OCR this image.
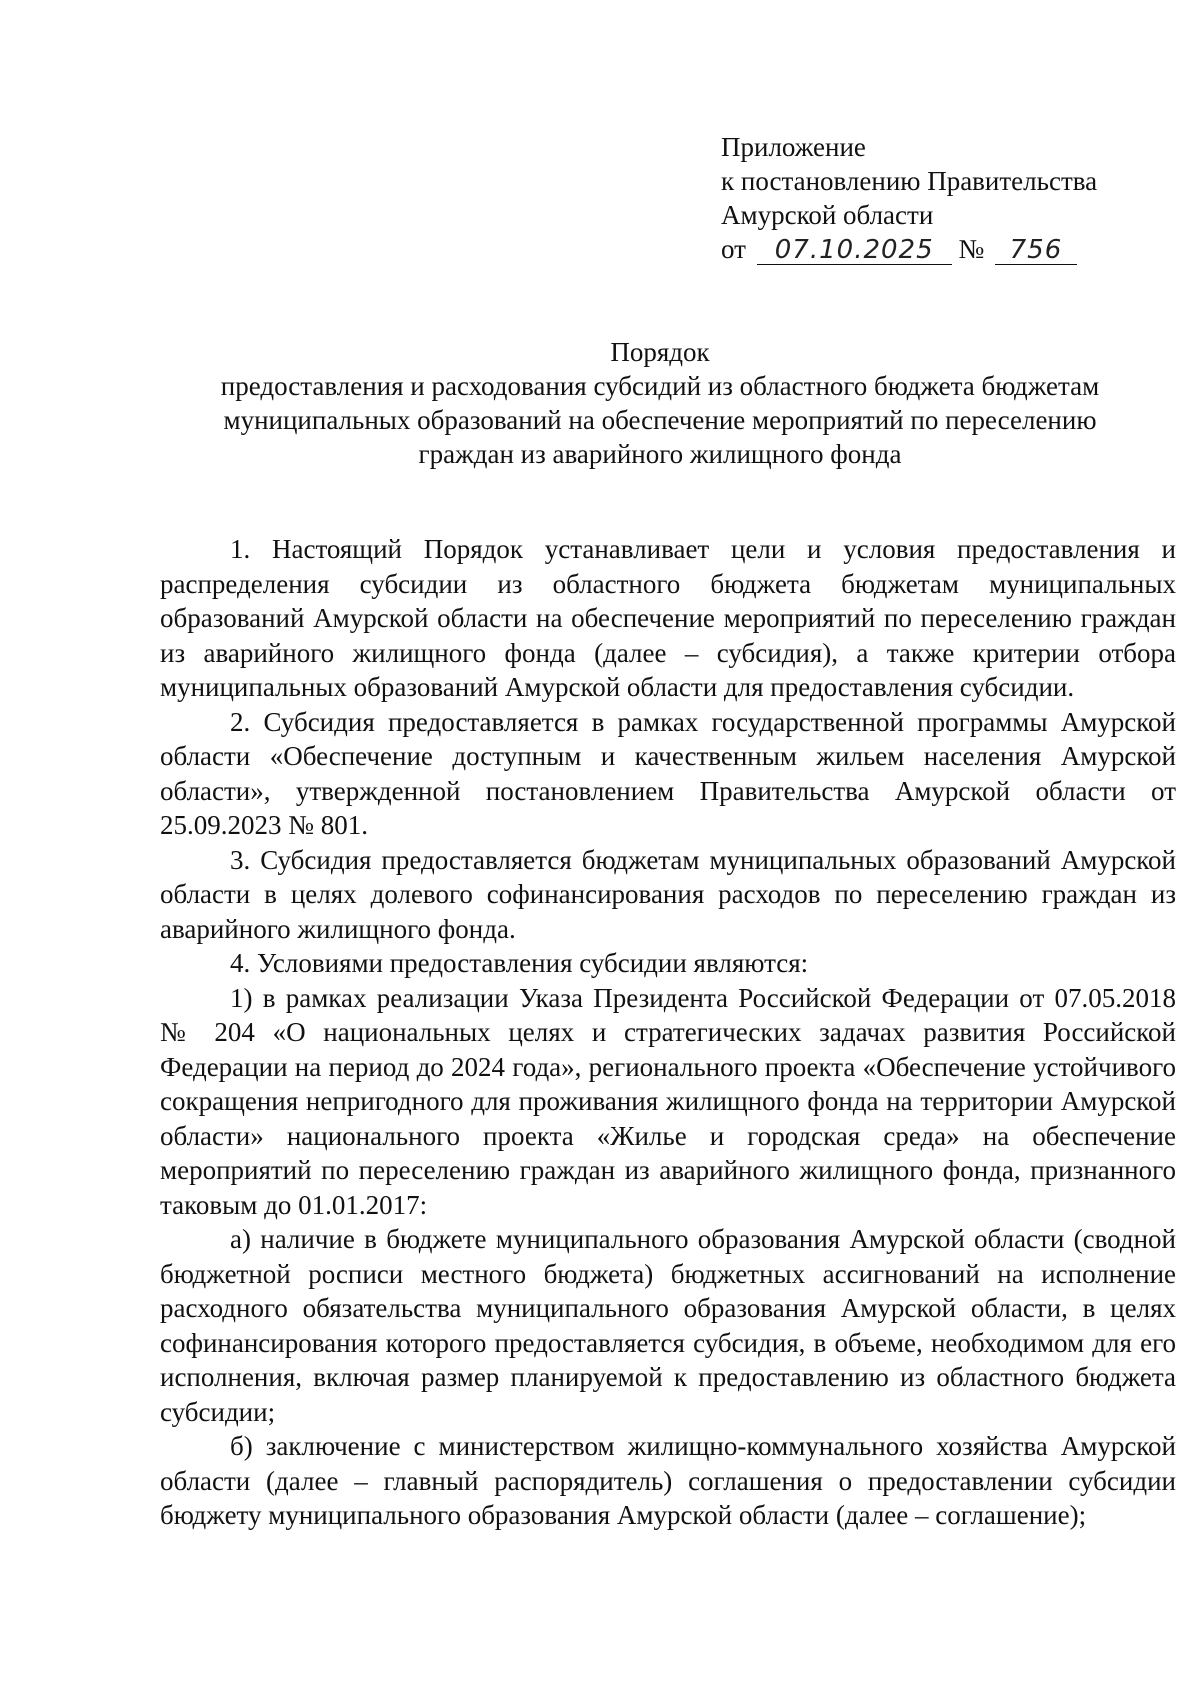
Приложение
к постановлению Правительства
Амурской области
от 07.10.2025 № 756
Порядок
предоставления и расходования субсидий из областного бюджета бюджетам
муниципальных образований на обеспечение мероприятий по переселению
граждан из аварийного жилищного фонда

1. Настоящий Порядок устанавливает цели и условия предоставления и распределения субсидии из областного бюджета бюджетам муниципальных образований Амурской области на обеспечение мероприятий по переселению граждан из аварийного жилищного фонда (далее – субсидия), а также критерии отбора муниципальных образований Амурской области для предоставления субсидии.

2. Субсидия предоставляется в рамках государственной программы Амурской области «Обеспечение доступным и качественным жильем населения Амурской области», утвержденной постановлением Правительства Амурской области от 25.09.2023 № 801.

3. Субсидия предоставляется бюджетам муниципальных образований Амурской области в целях долевого софинансирования расходов по переселению граждан из аварийного жилищного фонда.

4. Условиями предоставления субсидии являются:

1) в рамках реализации Указа Президента Российской Федерации от 07.05.2018 № 204 «О национальных целях и стратегических задачах развития Российской Федерации на период до 2024 года», регионального проекта «Обеспечение устойчивого сокращения непригодного для проживания жилищного фонда на территории Амурской области» национального проекта «Жилье и городская среда» на обеспечение мероприятий по переселению граждан из аварийного жилищного фонда, признанного таковым до 01.01.2017:

а) наличие в бюджете муниципального образования Амурской области (сводной бюджетной росписи местного бюджета) бюджетных ассигнований на исполнение расходного обязательства муниципального образования Амурской области, в целях софинансирования которого предоставляется субсидия, в объеме, необходимом для его исполнения, включая размер планируемой к предоставлению из областного бюджета субсидии;

б) заключение с министерством жилищно-коммунального хозяйства Амурской области (далее – главный распорядитель) соглашения о предоставлении субсидии бюджету муниципального образования Амурской области (далее – соглашение);
